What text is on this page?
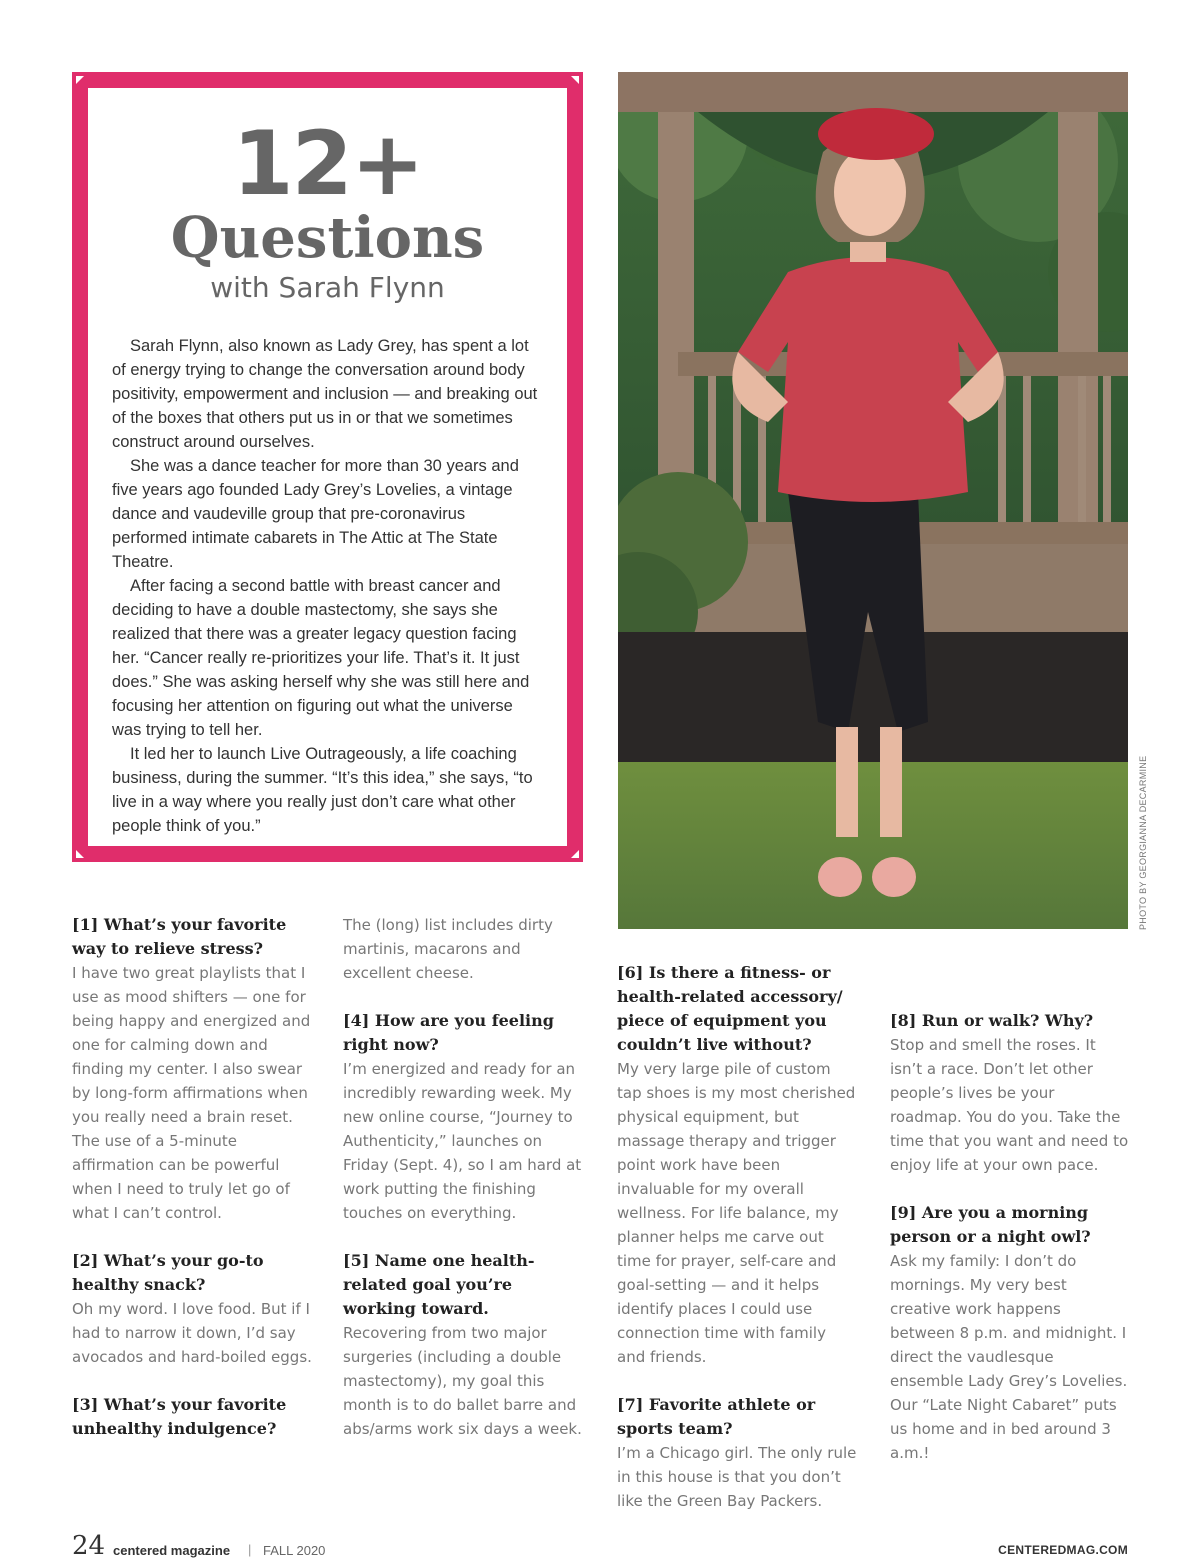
12+
Questions
with Sarah Flynn

Sarah Flynn, also known as Lady Grey, has spent a lot of energy trying to change the conversation around body positivity, empowerment and inclusion — and breaking out of the boxes that others put us in or that we sometimes construct around ourselves.

She was a dance teacher for more than 30 years and five years ago founded Lady Grey’s Lovelies, a vintage dance and vaudeville group that pre-coronavirus performed intimate cabarets in The Attic at The State Theatre.

After facing a second battle with breast cancer and deciding to have a double mastectomy, she says she realized that there was a greater legacy question facing her. “Cancer really re-prioritizes your life. That’s it. It just does.” She was asking herself why she was still here and focusing her attention on figuring out what the universe was trying to tell her.

It led her to launch Live Outrageously, a life coaching business, during the summer. “It’s this idea,” she says, “to live in a way where you really just don’t care what other people think of you.”	PHOTO BY GEORGIANNA DECARMINE

[1] What’s your favorite way to relieve stress?

I have two great playlists that I use as mood shifters — one for being happy and energized and one for calming down and finding my center. I also swear by long-form affirmations when you really need a brain reset. The use of a 5-minute affirmation can be powerful when I need to truly let go of what I can’t control.

[2] What’s your go-to healthy snack?

Oh my word. I love food. But if I had to narrow it down, I’d say avocados and hard-boiled eggs.

[3] What’s your favorite unhealthy indulgence?

The (long) list includes dirty martinis, macarons and excellent cheese.

[4] How are you feeling right now?

I’m energized and ready for an incredibly rewarding week. My new online course, “Journey to Authenticity,” launches on Friday (Sept. 4), so I am hard at work putting the finishing touches on everything.

[5] Name one health-related goal you’re working toward.

Recovering from two major surgeries (including a double mastectomy), my goal this month is to do ballet barre and abs/arms work six days a week.

[6] Is there a fitness- or health-related accessory/ piece of equipment you couldn’t live without?

My very large pile of custom tap shoes is my most cherished physical equipment, but massage therapy and trigger point work have been invaluable for my overall wellness. For life balance, my planner helps me carve out time for prayer, self-care and goal-setting — and it helps identify places I could use connection time with family and friends.

[7] Favorite athlete or sports team?

I’m a Chicago girl. The only rule in this house is that you don’t like the Green Bay Packers.

[8] Run or walk? Why?

Stop and smell the roses. It isn’t a race. Don’t let other people’s lives be your roadmap. You do you. Take the time that you want and need to enjoy life at your own pace.

[9] Are you a morning person or a night owl?

Ask my family: I don’t do mornings. My very best creative work happens between 8 p.m. and midnight. I direct the vaudlesque ensemble Lady Grey’s Lovelies. Our “Late Night Cabaret” puts us home and in bed around 3 a.m.!

24 centered magazine | FALL 2020	CENTEREDMAG.COM
